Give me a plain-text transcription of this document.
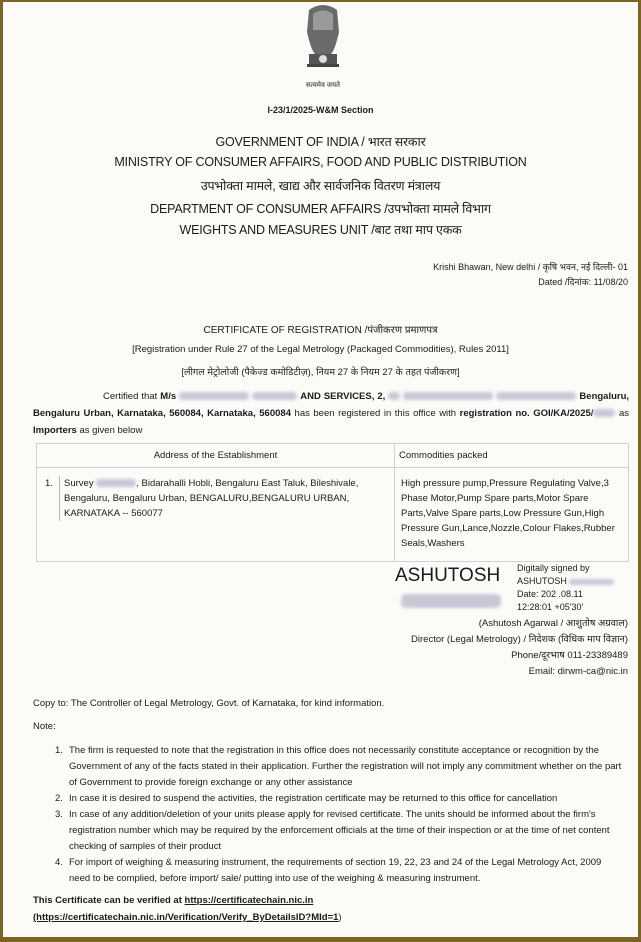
सत्यमेव जयते
I-23/1/2025-W&M Section
GOVERNMENT OF INDIA / भारत सरकार
MINISTRY OF CONSUMER AFFAIRS, FOOD AND PUBLIC DISTRIBUTION
उपभोक्ता मामले, खाद्य और सार्वजनिक वितरण मंत्रालय
DEPARTMENT OF CONSUMER AFFAIRS /उपभोक्ता मामले विभाग
WEIGHTS AND MEASURES UNIT /बाट तथा माप एकक
Krishi Bhawan, New delhi / कृषि भवन, नई दिल्ली- 01
Dated /दिनांक: 11/08/20
CERTIFICATE OF REGISTRATION /पंजीकरण प्रमाणपत्र
[Registration under Rule 27 of the Legal Metrology (Packaged Commodities), Rules 2011]
[लीगल मेट्रोलोजी (पैकेज्ड कमोडिटीज़), नियम 27 के नियम 27 के तहत पंजीकरण]
Certified that M/s	AND SERVICES, 2,	Bengaluru, Bengaluru Urban, Karnataka, 560084, Karnataka, 560084 has been registered in this office with registration no. GOI/KA/2025/	as Importers as given below
Address of the Establishment	Commodities packed

1. Survey , Bidarahalli Hobli, Bengaluru East Taluk, Bileshivale, Bengaluru, Bengaluru Urban, BENGALURU,BENGALURU URBAN, KARNATAKA -- 560077	High pressure pump,Pressure Regulating Valve,3 Phase Motor,Pump Spare parts,Motor Spare Parts,Valve Spare parts,Low Pressure Gun,High Pressure Gun,Lance,Nozzle,Colour Flakes,Rubber Seals,Washers
ASHUTOSH Digitally signed by
ASHUTOSH
Date: 202 .08.11
12:28:01 +05'30'
(Ashutosh Agarwal / आशुतोष अग्रवाल)
Director (Legal Metrology) / निदेशक (विधिक माप विज्ञान)
Phone/दूरभाष 011-23389489
Email: dirwm-ca@nic.in
Copy to: The Controller of Legal Metrology, Govt. of Karnataka, for kind information.
Note:
1. The firm is requested to note that the registration in this office does not necessarily constitute acceptance or recognition by the Government of any of the facts stated in their application. Further the registration will not imply any commitment whether on the part of Government to provide foreign exchange or any other assistance
2. In case it is desired to suspend the activities, the registration certificate may be returned to this office for cancellation
3. In case of any addition/deletion of your units please apply for revised certificate. The units should be informed about the firm's registration number which may be required by the enforcement officials at the time of their inspection or at the time of net content checking of samples of their product
4. For import of weighing & measuring instrument, the requirements of section 19, 22, 23 and 24 of the Legal Metrology Act, 2009 need to be complied, before import/ sale/ putting into use of the weighing & measuring instrument.
This Certificate can be verified at https://certificatechain.nic.in (https://certificatechain.nic.in/Verification/Verify_ByDetailsID?MId=1)
